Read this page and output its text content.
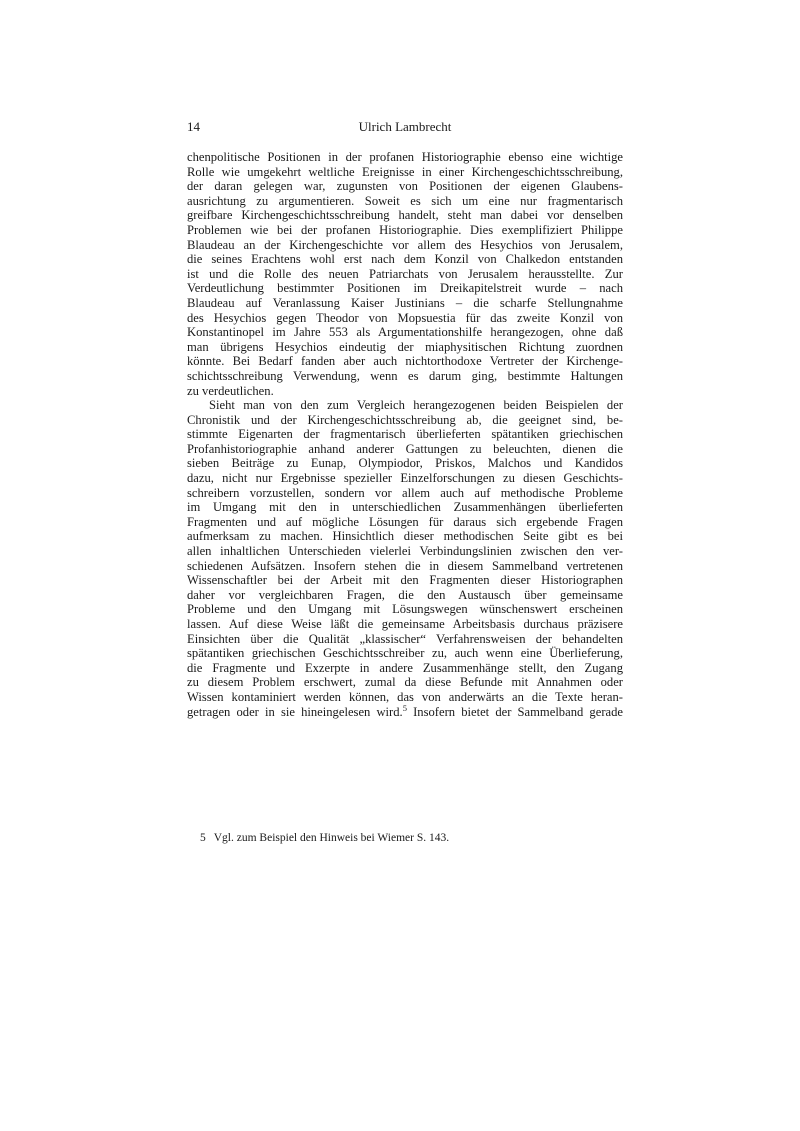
14	Ulrich Lambrecht
chenpolitische Positionen in der profanen Historiographie ebenso eine wichtige
Rolle wie umgekehrt weltliche Ereignisse in einer Kirchengeschichtsschreibung,
der daran gelegen war, zugunsten von Positionen der eigenen Glaubens-
ausrichtung zu argumentieren. Soweit es sich um eine nur fragmentarisch
greifbare Kirchengeschichtsschreibung handelt, steht man dabei vor denselben
Problemen wie bei der profanen Historiographie. Dies exemplifiziert Philippe
Blaudeau an der Kirchengeschichte vor allem des Hesychios von Jerusalem,
die seines Erachtens wohl erst nach dem Konzil von Chalkedon entstanden
ist und die Rolle des neuen Patriarchats von Jerusalem herausstellte. Zur
Verdeutlichung bestimmter Positionen im Dreikapitelstreit wurde – nach
Blaudeau auf Veranlassung Kaiser Justinians – die scharfe Stellungnahme
des Hesychios gegen Theodor von Mopsuestia für das zweite Konzil von
Konstantinopel im Jahre 553 als Argumentationshilfe herangezogen, ohne daß
man übrigens Hesychios eindeutig der miaphysitischen Richtung zuordnen
könnte. Bei Bedarf fanden aber auch nichtorthodoxe Vertreter der Kirchenge-
schichtsschreibung Verwendung, wenn es darum ging, bestimmte Haltungen
zu verdeutlichen.
Sieht man von den zum Vergleich herangezogenen beiden Beispielen der
Chronistik und der Kirchengeschichtsschreibung ab, die geeignet sind, be-
stimmte Eigenarten der fragmentarisch überlieferten spätantiken griechischen
Profanhistoriographie anhand anderer Gattungen zu beleuchten, dienen die
sieben Beiträge zu Eunap, Olympiodor, Priskos, Malchos und Kandidos
dazu, nicht nur Ergebnisse spezieller Einzelforschungen zu diesen Geschichts-
schreibern vorzustellen, sondern vor allem auch auf methodische Probleme
im Umgang mit den in unterschiedlichen Zusammenhängen überlieferten
Fragmenten und auf mögliche Lösungen für daraus sich ergebende Fragen
aufmerksam zu machen. Hinsichtlich dieser methodischen Seite gibt es bei
allen inhaltlichen Unterschieden vielerlei Verbindungslinien zwischen den ver-
schiedenen Aufsätzen. Insofern stehen die in diesem Sammelband vertretenen
Wissenschaftler bei der Arbeit mit den Fragmenten dieser Historiographen
daher vor vergleichbaren Fragen, die den Austausch über gemeinsame
Probleme und den Umgang mit Lösungswegen wünschenswert erscheinen
lassen. Auf diese Weise läßt die gemeinsame Arbeitsbasis durchaus präzisere
Einsichten über die Qualität „klassischer“ Verfahrensweisen der behandelten
spätantiken griechischen Geschichtsschreiber zu, auch wenn eine Überlieferung,
die Fragmente und Exzerpte in andere Zusammenhänge stellt, den Zugang
zu diesem Problem erschwert, zumal da diese Befunde mit Annahmen oder
Wissen kontaminiert werden können, das von anderwärts an die Texte heran-
getragen oder in sie hineingelesen wird.$^5$ Insofern bietet der Sammelband gerade
5 Vgl. zum Beispiel den Hinweis bei Wiemer S. 143.
